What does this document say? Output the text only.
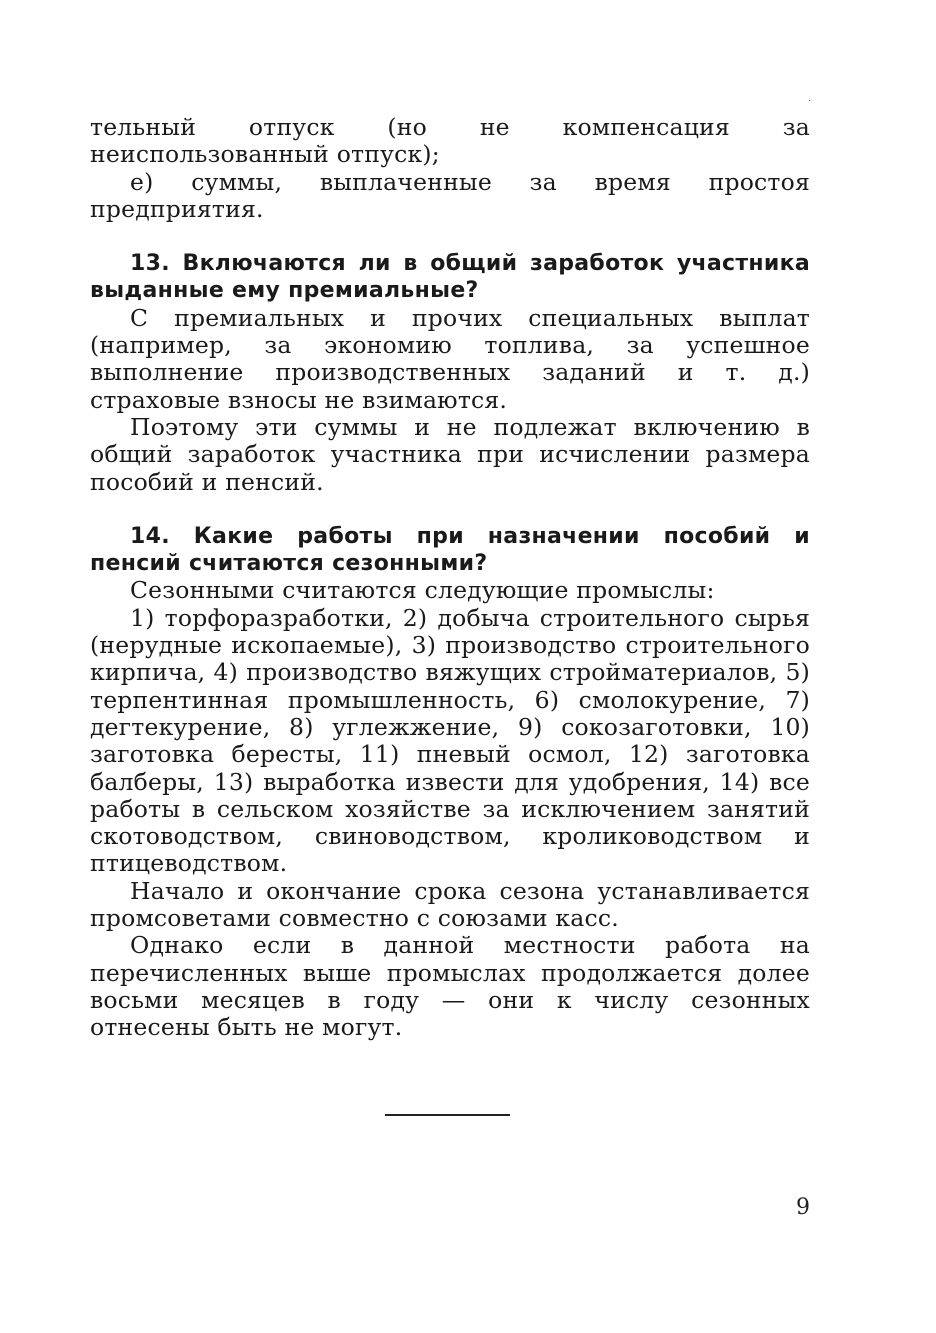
·

тельный отпуск (но не компенсация за неиспользованный отпуск);

е) суммы, выплаченные за время простоя предприятия.

13. Включаются ли в общий заработок участника выданные ему премиальные?

С премиальных и прочих специальных выплат (например, за экономию топлива, за успешное выполнение производственных заданий и т. д.) страховые взносы не взимаются.

Поэтому эти суммы и не подлежат включению в общий заработок участника при исчислении размера пособий и пенсий.

14. Какие работы при назначении пособий и пенсий считаются сезонными?

Сезонными считаются следующие промыслы:

1) торфоразработки, 2) добыча строительного сырья (нерудные ископаемые), 3) производство строительного кирпича, 4) производство вяжущих стройматериалов, 5) терпентинная промышленность, 6) смолокурение, 7) дегтекурение, 8) углежжение, 9) сокозаготовки, 10) заготовка бересты, 11) пневый осмол, 12) заготовка балберы, 13) выработка извести для удобрения, 14) все работы в сельском хозяйстве за исключением занятий скотоводством, свиноводством, кролиководством и птицеводством.

Начало и окончание срока сезона устанавливается промсоветами совместно с союзами касс.

Однако если в данной местности работа на перечисленных выше промыслах продолжается долее восьми месяцев в году — они к числу сезонных отнесены быть не могут.

9
